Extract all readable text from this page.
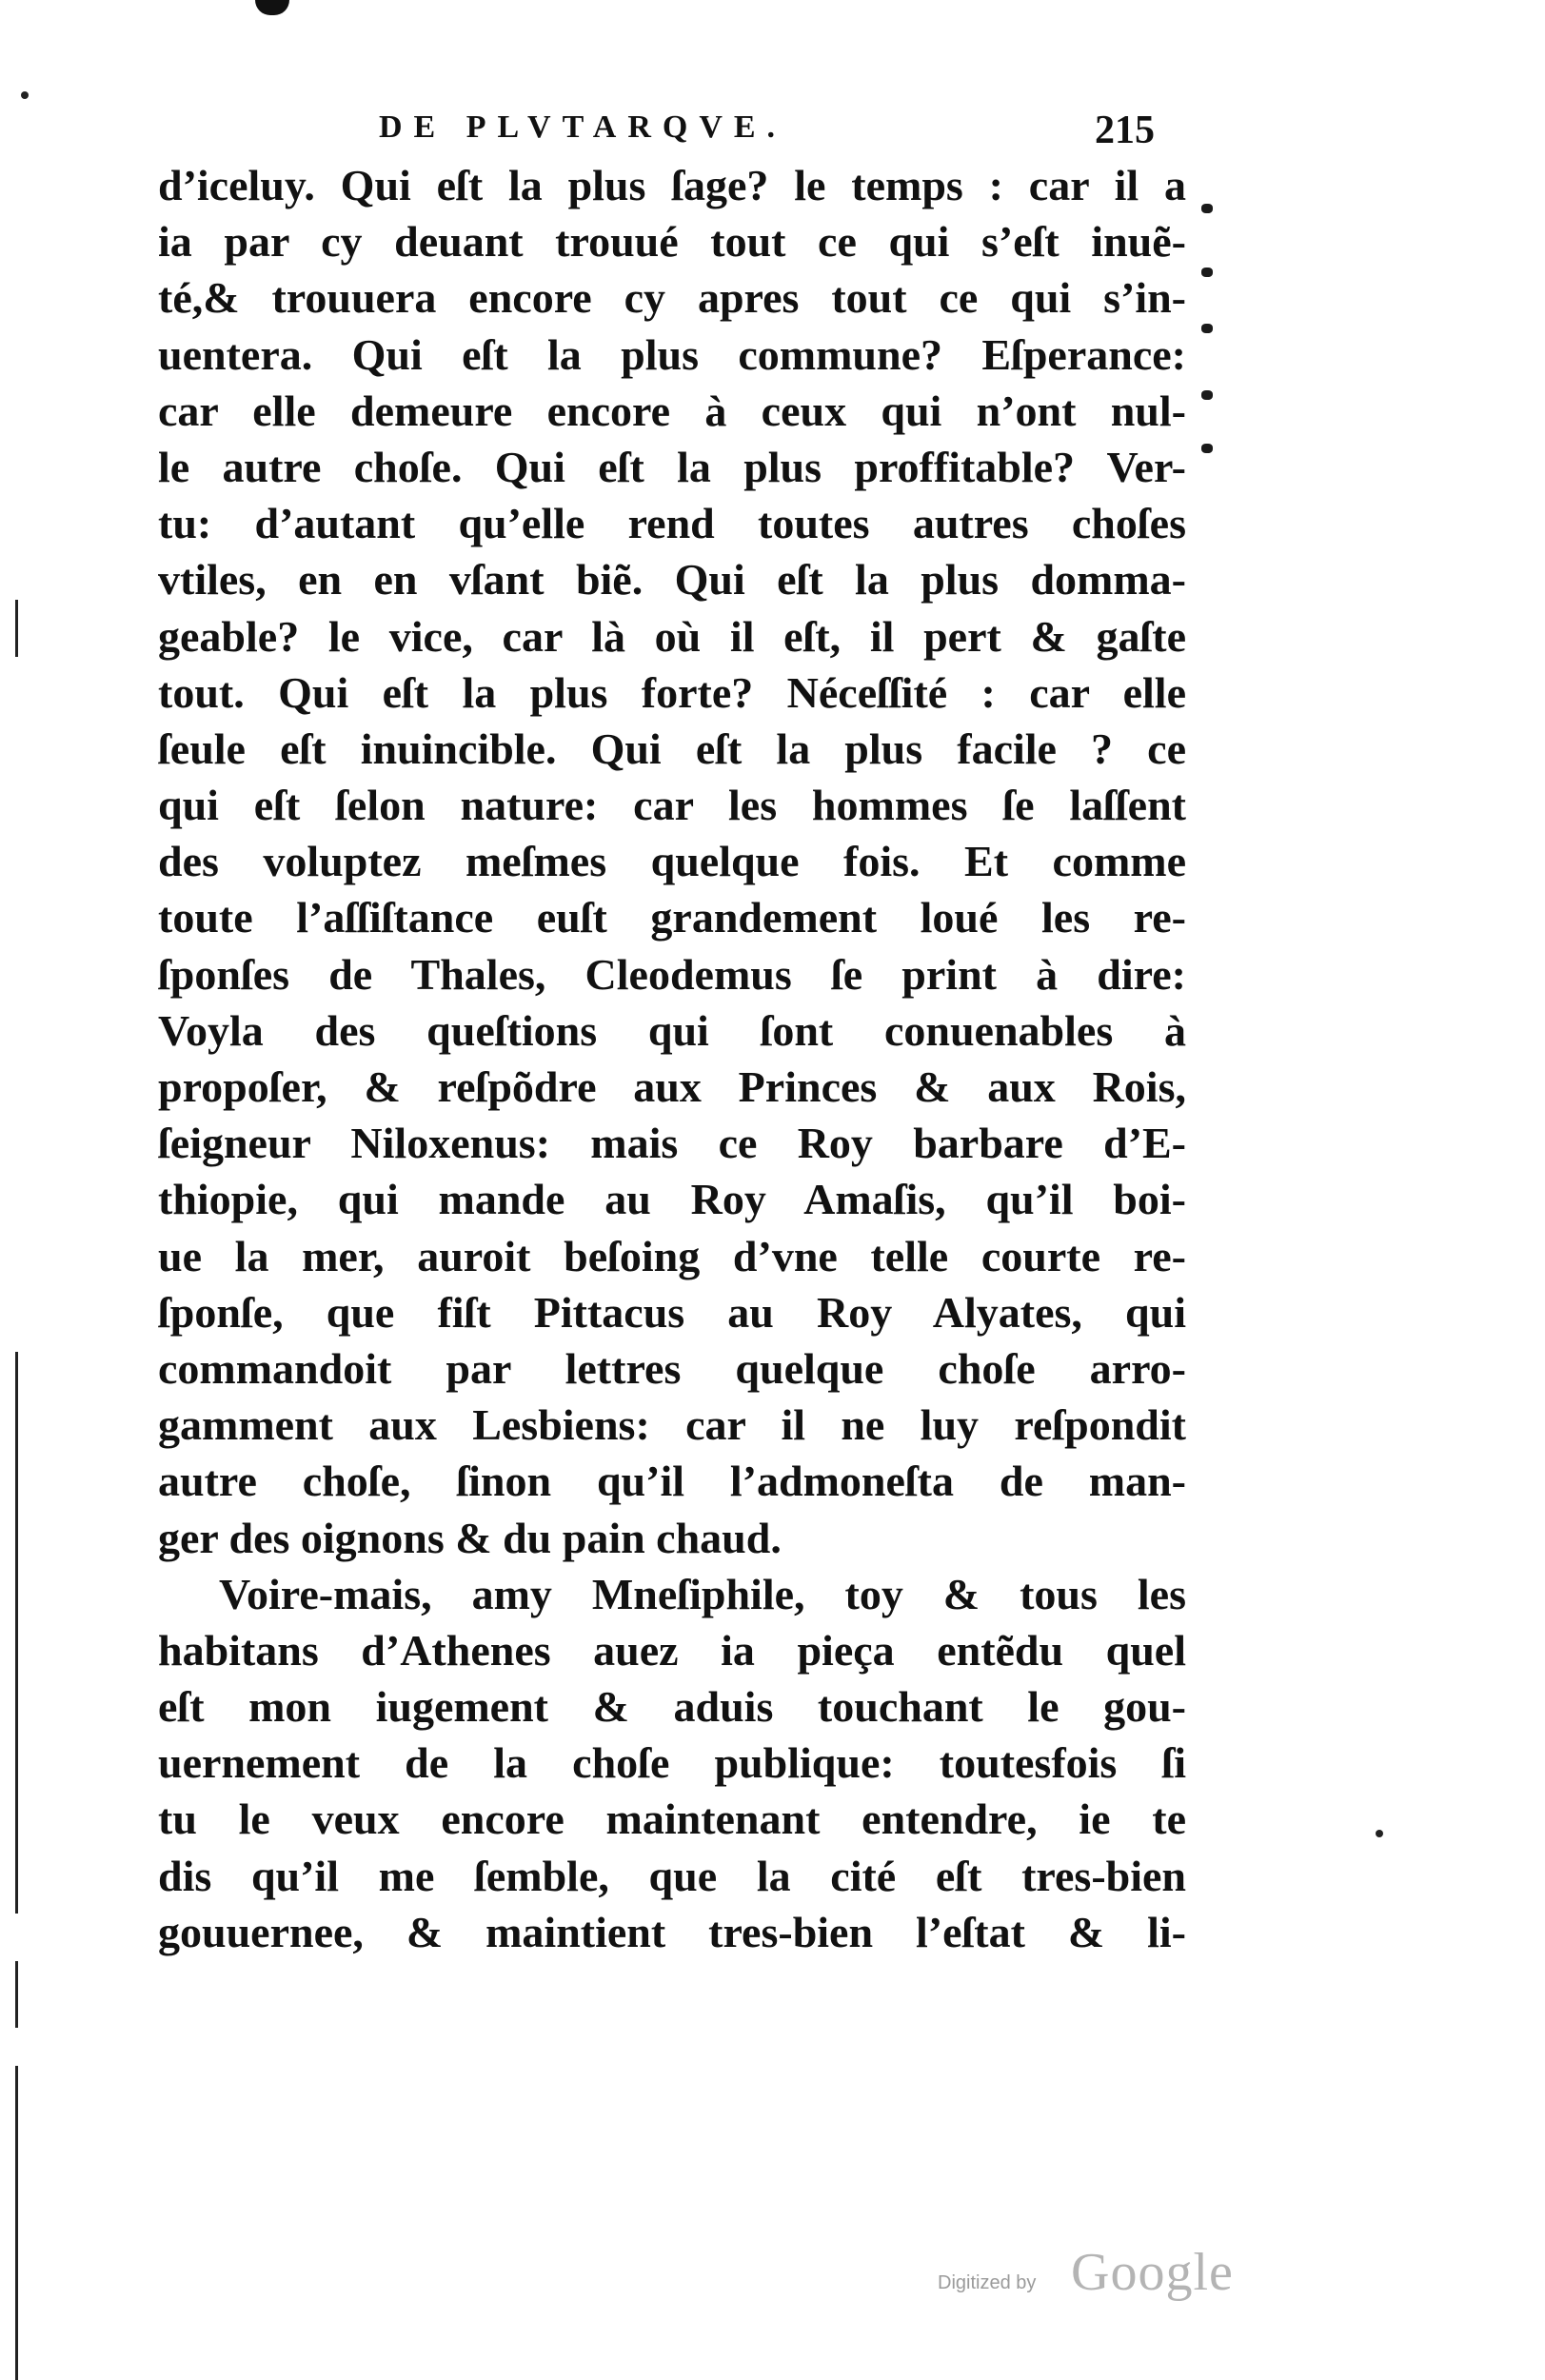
DE PLVTARQVE.	215
d’iceluy. Qui eſt la plus ſage? le temps : car il a
ia par cy deuant trouué tout ce qui s’eſt inuẽ-
té,& trouuera encore cy apres tout ce qui s’in-
uentera. Qui eſt la plus commune? Eſperance:
car elle demeure encore à ceux qui n’ont nul-
le autre choſe. Qui eſt la plus proffitable? Ver-
tu: d’autant qu’elle rend toutes autres choſes
vtiles, en en vſant biẽ. Qui eſt la plus domma-
geable? le vice, car là où il eſt, il pert & gaſte
tout. Qui eſt la plus forte? Néceſſité : car elle
ſeule eſt inuincible. Qui eſt la plus facile ? ce
qui eſt ſelon nature: car les hommes ſe laſſent
des voluptez meſmes quelque fois. Et comme
toute l’aſſiſtance euſt grandement loué les re-
ſponſes de Thales, Cleodemus ſe print à dire:
Voyla des queſtions qui ſont conuenables à
propoſer, & reſpõdre aux Princes & aux Rois,
ſeigneur Niloxenus: mais ce Roy barbare d’E-
thiopie, qui mande au Roy Amaſis, qu’il boi-
ue la mer, auroit beſoing d’vne telle courte re-
ſponſe, que fiſt Pittacus au Roy Alyates, qui
commandoit par lettres quelque choſe arro-
gamment aux Lesbiens: car il ne luy reſpondit
autre choſe, ſinon qu’il l’admoneſta de man-
ger des oignons & du pain chaud.
Voire-mais, amy Mneſiphile, toy & tous les
habitans d’Athenes auez ia pieça entẽdu quel
eſt mon iugement & aduis touchant le gou-
uernement de la choſe publique: toutesfois ſi
tu le veux encore maintenant entendre, ie te
dis qu’il me ſemble, que la cité eſt tres-bien
gouuernee, & maintient tres-bien l’eſtat & li-
Digitized by Google
